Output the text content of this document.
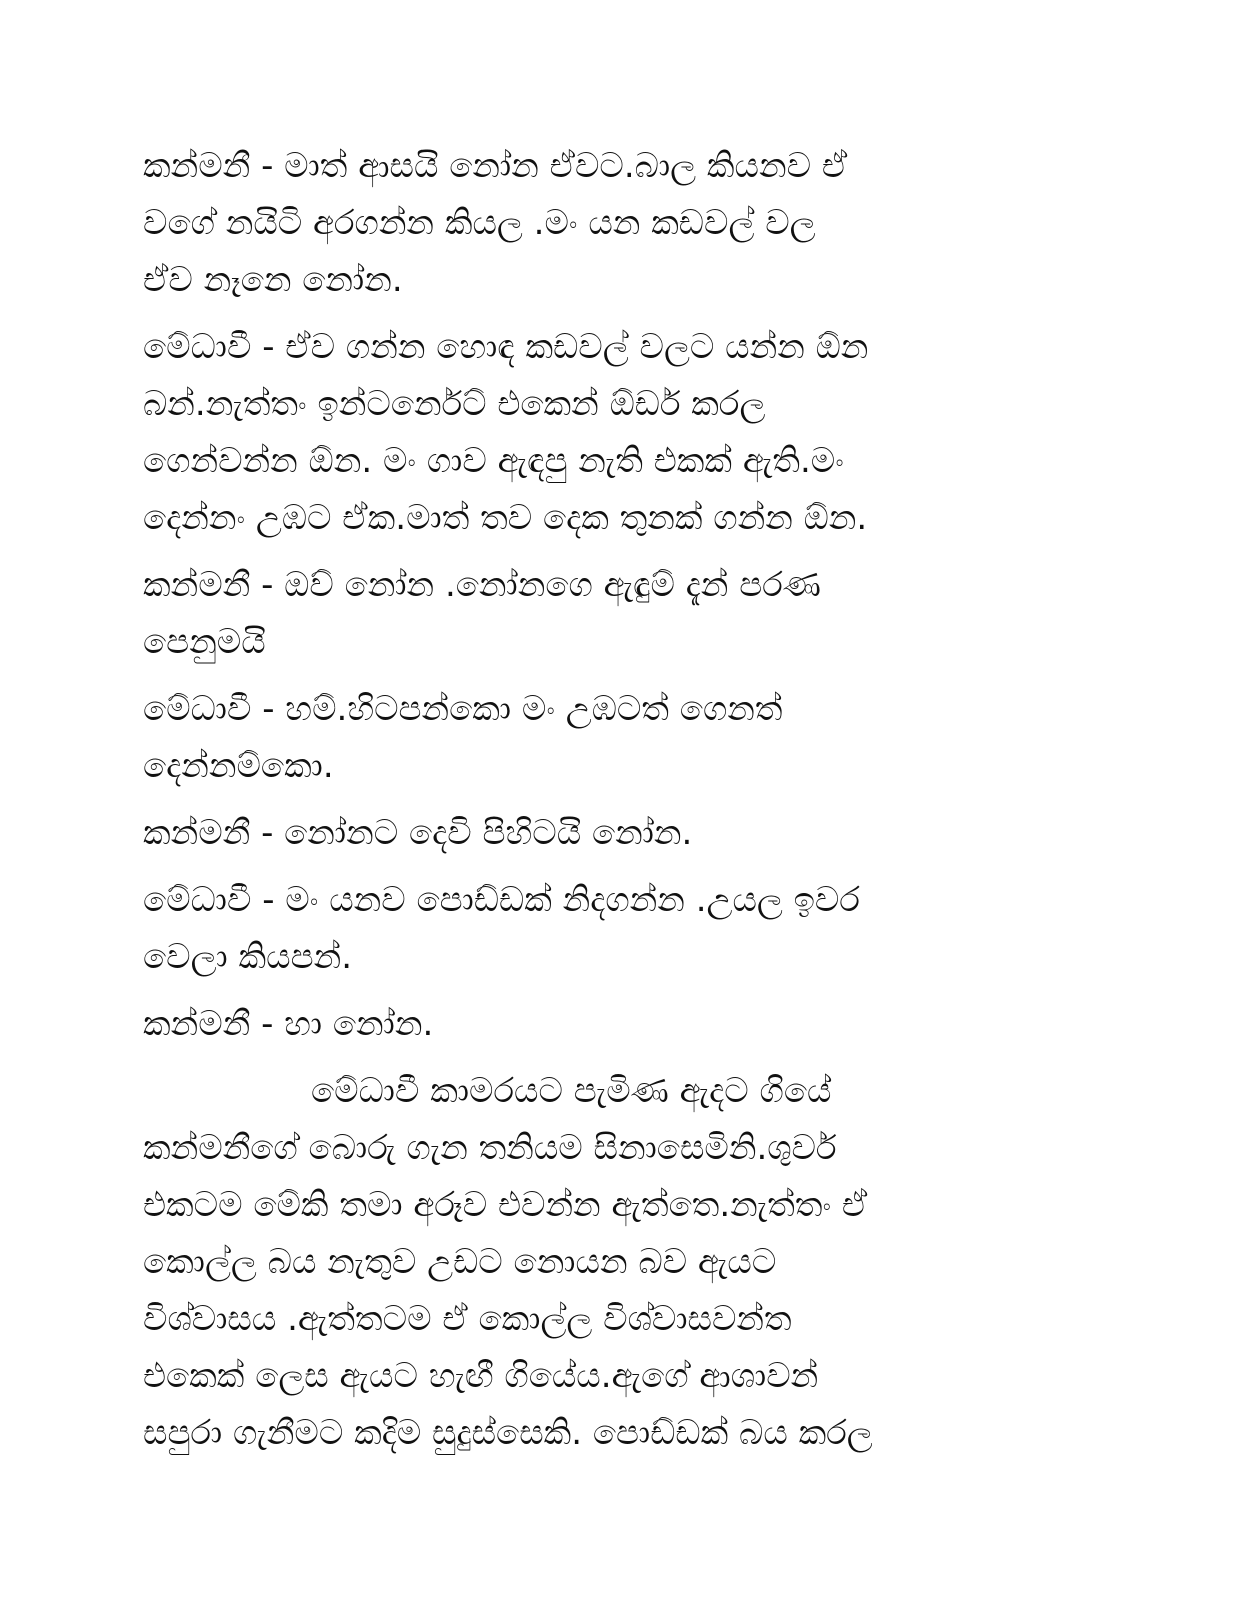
කන්මනී - මාත් ආසයි නෝන ඒවට.බාල කියනව ඒ
වගේ නයිටි අරගන්න කියල .මං යන කඩවල් වල
ඒව නෑනෙ නෝන.

මේධාවී - ඒව ගන්න හොඳ කඩවල් වලට යන්න ඕන
බන්.නැත්තං ඉන්ටර්නෙට් එකෙන් ඕඩර් කරල
ගෙන්වන්න ඕන. මං ගාව ඇඳපු නැති එකක් ඇති.මං
දෙන්නං උඹට ඒක.මාත් තව දෙක තුනක් ගන්න ඕන.

කන්මනී - ඔව් නෝන .නෝනගෙ ඇඳුම් දැන් පරණ
පෙනුමයි

මේධාවී - හම්.හිටපන්කො මං උඹටත් ගෙනත්
දෙන්නම්කො.

කන්මනී - නෝනට දෙවි පිහිටයි නෝන.

මේධාවී - මං යනව පොඩ්ඩක් නිදගන්න .උයල ඉවර
වෙලා කියපන්.

කන්මනී - හා නෝන.

මේධාවී කාමරයට පැමිණ ඇදට ගියේ
කන්මනීගේ බොරු ගැන තනියම සිනාසෙමිනි.ශුවර්
එකටම මේකි තමා අරූව එවන්න ඇත්තෙ.නැත්තං ඒ
කොල්ල බය නැතුව උඩට නොයන බව ඇයට
විශ්වාසය .ඇත්තටම ඒ කොල්ල විශ්වාසවන්ත
එකෙක් ලෙස ඇයට හැඟී ගියේය.ඇගේ ආශාවන්
සපුරා ගැනීමට කදිම සුදුස්සෙකි. පොඩ්ඩක් බය කරල
